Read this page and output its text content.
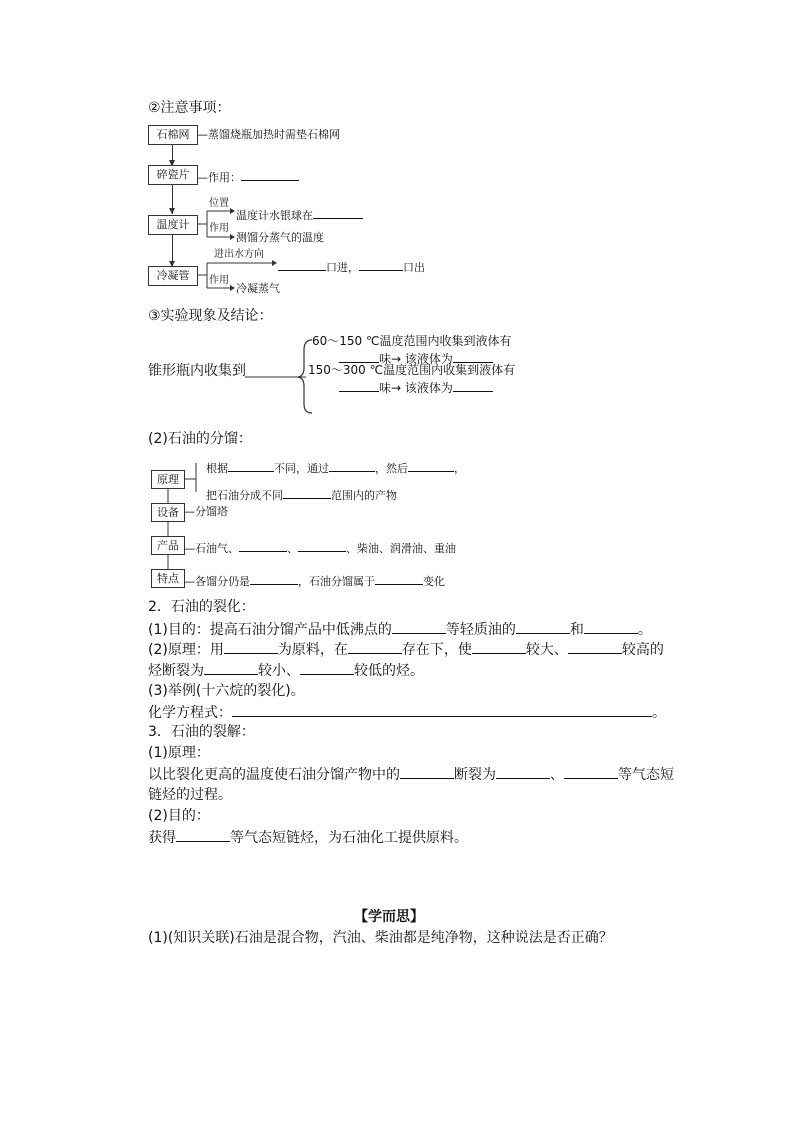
②注意事项：
石棉网 —蒸馏烧瓶加热时需垫石棉网
碎瓷片 —作用：
温度计
位置
温度计水银球在
作用
测馏分蒸气的温度
冷凝管
进出水方向
口进，	口出
作用
冷凝蒸气
③实验现象及结论：
锥形瓶内收集到
60～150 ℃温度范围内收集到液体有
味→ 该液体为
150～300 ℃温度范围内收集到液体有
味→ 该液体为
(2)石油的分馏：
原理
根据	不同，通过	，然后	，
把石油分成不同	范围内的产物
设备 —分馏塔
产品 —石油气、	、	、柴油、润滑油、重油
特点 —各馏分仍是	，石油分馏属于	变化
2．石油的裂化：
(1)目的：提高石油分馏产品中低沸点的	等轻质油的	和	。
(2)原理：用	为原料，在	存在下，使	较大、	较高的
烃断裂为	较小、	较低的烃。
(3)举例(十六烷的裂化)。
化学方程式：	。
3．石油的裂解：
(1)原理：
以比裂化更高的温度使石油分馏产物中的	断裂为	、	等气态短
链烃的过程。
(2)目的：
获得	等气态短链烃，为石油化工提供原料。
【学而思】
(1)(知识关联)石油是混合物，汽油、柴油都是纯净物，这种说法是否正确？
